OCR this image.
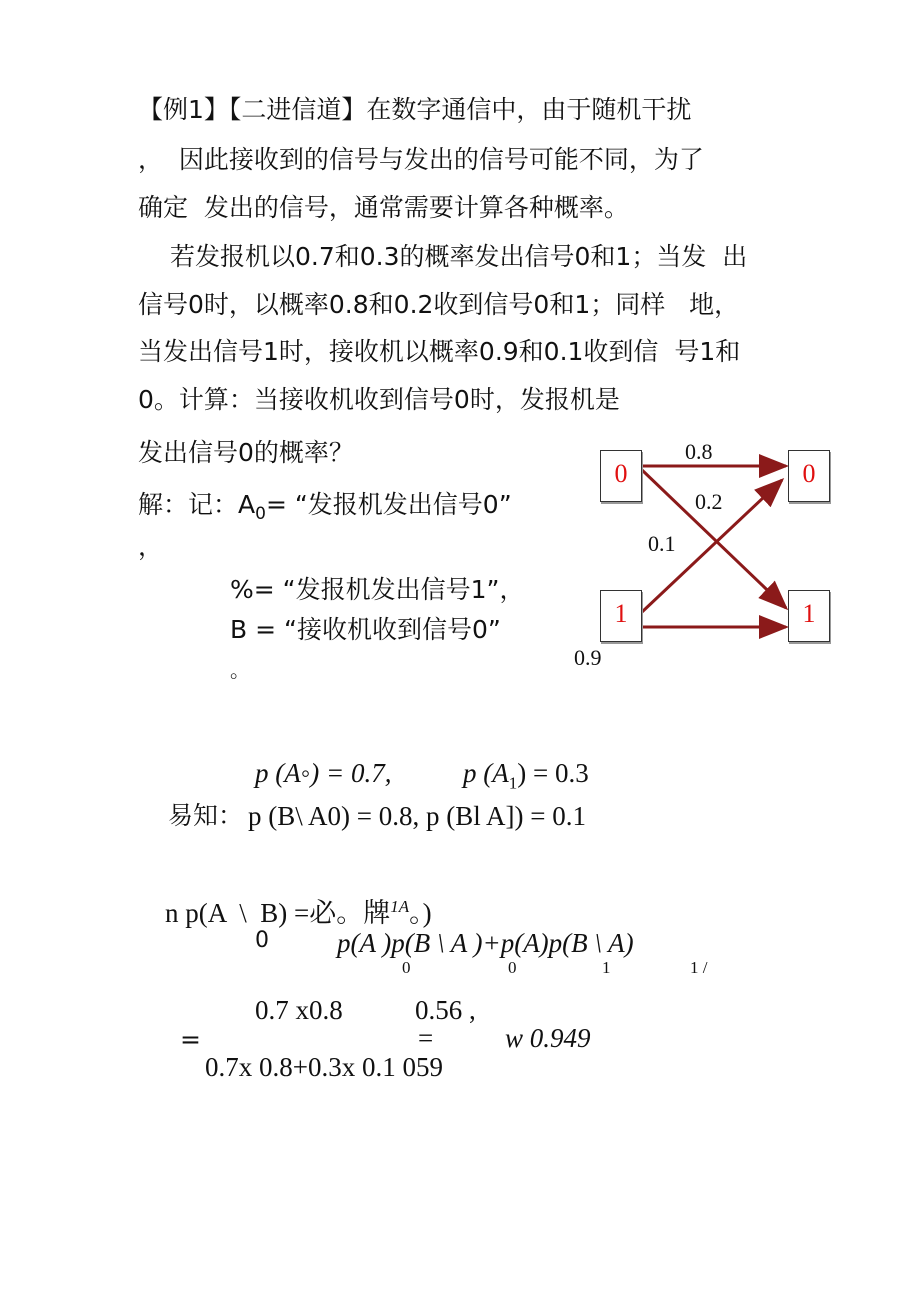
【例1】【二进信道】在数字通信中，由于随机干扰
，  因此接收到的信号与发出的信号可能不同，为了
确定  发出的信号，通常需要计算各种概率。
若发报机以0.7和0.3的概率发出信号0和1；当发  出
信号0时，以概率0.8和0.2收到信号0和1；同样   地，
当发出信号1时，接收机以概率0.9和0.1收到信  号1和
0。计算：当接收机收到信号0时，发报机是
发出信号0的概率？
解：记：$A_0=$ “发报机发出信号0”
，
%= “发报机发出信号1”，
B = “接收机收到信号0”
。
0	0
1	1
0.8
0.2
0.1
0.9
p (A◦) = 0.7,	p $(A_1) = 0.3$
易知： p (B\ A0) = 0.8, p (Bl A]) = 0.1
n p(A  \  B) =必。牌$^{1A}$。)
0	p(A )p(B \ A )+p(A)p(B \ A)
0	0	1	1 /
0.7 x0.8
=
0.56 ,
=	w 0.949
0.7x 0.8+0.3x 0.1 059
